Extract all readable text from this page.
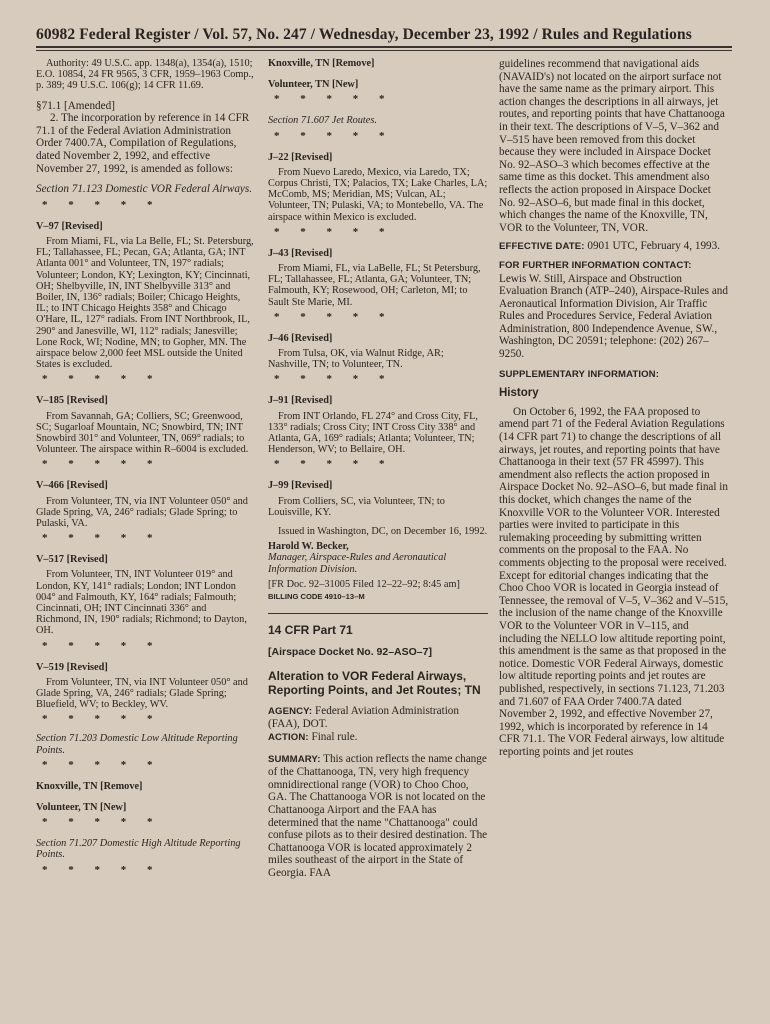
60982 Federal Register / Vol. 57, No. 247 / Wednesday, December 23, 1992 / Rules and Regulations

Authority: 49 U.S.C. app. 1348(a), 1354(a), 1510; E.O. 10854, 24 FR 9565, 3 CFR, 1959–1963 Comp., p. 389; 49 U.S.C. 106(g); 14 CFR 11.69.

§71.1 [Amended]

2. The incorporation by reference in 14 CFR 71.1 of the Federal Aviation Administration Order 7400.7A, Compilation of Regulations, dated November 2, 1992, and effective November 27, 1992, is amended as follows:

Section 71.123 Domestic VOR Federal Airways.

* * * * *

V–97 [Revised]

From Miami, FL, via La Belle, FL; St. Petersburg, FL; Tallahassee, FL; Pecan, GA; Atlanta, GA; INT Atlanta 001° and Volunteer, TN, 197° radials; Volunteer; London, KY; Lexington, KY; Cincinnati, OH; Shelbyville, IN, INT Shelbyville 313° and Boiler, IN, 136° radials; Boiler; Chicago Heights, IL; to INT Chicago Heights 358° and Chicago O'Hare, IL, 127° radials. From INT Northbrook, IL, 290° and Janesville, WI, 112° radials; Janesville; Lone Rock, WI; Nodine, MN; to Gopher, MN. The airspace below 2,000 feet MSL outside the United States is excluded.

* * * * *

V–185 [Revised]

From Savannah, GA; Colliers, SC; Greenwood, SC; Sugarloaf Mountain, NC; Snowbird, TN; INT Snowbird 301° and Volunteer, TN, 069° radials; to Volunteer. The airspace within R–6004 is excluded.

* * * * *

V–466 [Revised]

From Volunteer, TN, via INT Volunteer 050° and Glade Spring, VA, 246° radials; Glade Spring; to Pulaski, VA.

* * * * *

V–517 [Revised]

From Volunteer, TN, INT Volunteer 019° and London, KY, 141° radials; London; INT London 004° and Falmouth, KY, 164° radials; Falmouth; Cincinnati, OH; INT Cincinnati 336° and Richmond, IN, 190° radials; Richmond; to Dayton, OH.

* * * * *

V–519 [Revised]

From Volunteer, TN, via INT Volunteer 050° and Glade Spring, VA, 246° radials; Glade Spring; Bluefield, WV; to Beckley, WV.

* * * * *

Section 71.203 Domestic Low Altitude Reporting Points.

* * * * *

Knoxville, TN [Remove]

Volunteer, TN [New]

* * * * *

Section 71.207 Domestic High Altitude Reporting Points.

* * * * *

Knoxville, TN [Remove]

Volunteer, TN [New]

* * * * *

Section 71.607 Jet Routes.

* * * * *

J–22 [Revised]

From Nuevo Laredo, Mexico, via Laredo, TX; Corpus Christi, TX; Palacios, TX; Lake Charles, LA; McComb, MS; Meridian, MS; Vulcan, AL; Volunteer, TN; Pulaski, VA; to Montebello, VA. The airspace within Mexico is excluded.

* * * * *

J–43 [Revised]

From Miami, FL, via LaBelle, FL; St Petersburg, FL; Tallahassee, FL; Atlanta, GA; Volunteer, TN; Falmouth, KY; Rosewood, OH; Carleton, MI; to Sault Ste Marie, MI.

* * * * *

J–46 [Revised]

From Tulsa, OK, via Walnut Ridge, AR; Nashville, TN; to Volunteer, TN.

* * * * *

J–91 [Revised]

From INT Orlando, FL 274° and Cross City, FL, 133° radials; Cross City; INT Cross City 338° and Atlanta, GA, 169° radials; Atlanta; Volunteer, TN; Henderson, WV; to Bellaire, OH.

* * * * *

J–99 [Revised]

From Colliers, SC, via Volunteer, TN; to Louisville, KY.

Issued in Washington, DC, on December 16, 1992.

Harold W. Becker,

Manager, Airspace-Rules and Aeronautical Information Division.

[FR Doc. 92–31005 Filed 12–22–92; 8:45 am]

BILLING CODE 4910–13–M

14 CFR Part 71

[Airspace Docket No. 92–ASO–7]

Alteration to VOR Federal Airways, Reporting Points, and Jet Routes; TN

AGENCY: Federal Aviation Administration (FAA), DOT.

ACTION: Final rule.

SUMMARY: This action reflects the name change of the Chattanooga, TN, very high frequency omnidirectional range (VOR) to Choo Choo, GA. The Chattanooga VOR is not located on the Chattanooga Airport and the FAA has determined that the name "Chattanooga" could confuse pilots as to their desired destination. The Chattanooga VOR is located approximately 2 miles southeast of the airport in the State of Georgia. FAA

guidelines recommend that navigational aids (NAVAID's) not located on the airport surface not have the same name as the primary airport. This action changes the descriptions in all airways, jet routes, and reporting points that have Chattanooga in their text. The descriptions of V–5, V–362 and V–515 have been removed from this docket because they were included in Airspace Docket No. 92–ASO–3 which becomes effective at the same time as this docket. This amendment also reflects the action proposed in Airspace Docket No. 92–ASO–6, but made final in this docket, which changes the name of the Knoxville, TN, VOR to the Volunteer, TN, VOR.

EFFECTIVE DATE: 0901 UTC, February 4, 1993.

FOR FURTHER INFORMATION CONTACT:

Lewis W. Still, Airspace and Obstruction Evaluation Branch (ATP–240), Airspace-Rules and Aeronautical Information Division, Air Traffic Rules and Procedures Service, Federal Aviation Administration, 800 Independence Avenue, SW., Washington, DC 20591; telephone: (202) 267–9250.

SUPPLEMENTARY INFORMATION:

History

On October 6, 1992, the FAA proposed to amend part 71 of the Federal Aviation Regulations (14 CFR part 71) to change the descriptions of all airways, jet routes, and reporting points that have Chattanooga in their text (57 FR 45997). This amendment also reflects the action proposed in Airspace Docket No. 92–ASO–6, but made final in this docket, which changes the name of the Knoxville VOR to the Volunteer VOR. Interested parties were invited to participate in this rulemaking proceeding by submitting written comments on the proposal to the FAA. No comments objecting to the proposal were received. Except for editorial changes indicating that the Choo Choo VOR is located in Georgia instead of Tennessee, the removal of V–5, V–362 and V–515, the inclusion of the name change of the Knoxville VOR to the Volunteer VOR in V–115, and including the NELLO low altitude reporting point, this amendment is the same as that proposed in the notice. Domestic VOR Federal Airways, domestic low altitude reporting points and jet routes are published, respectively, in sections 71.123, 71.203 and 71.607 of FAA Order 7400.7A dated November 2, 1992, and effective November 27, 1992, which is incorporated by reference in 14 CFR 71.1. The VOR Federal airways, low altitude reporting points and jet routes
